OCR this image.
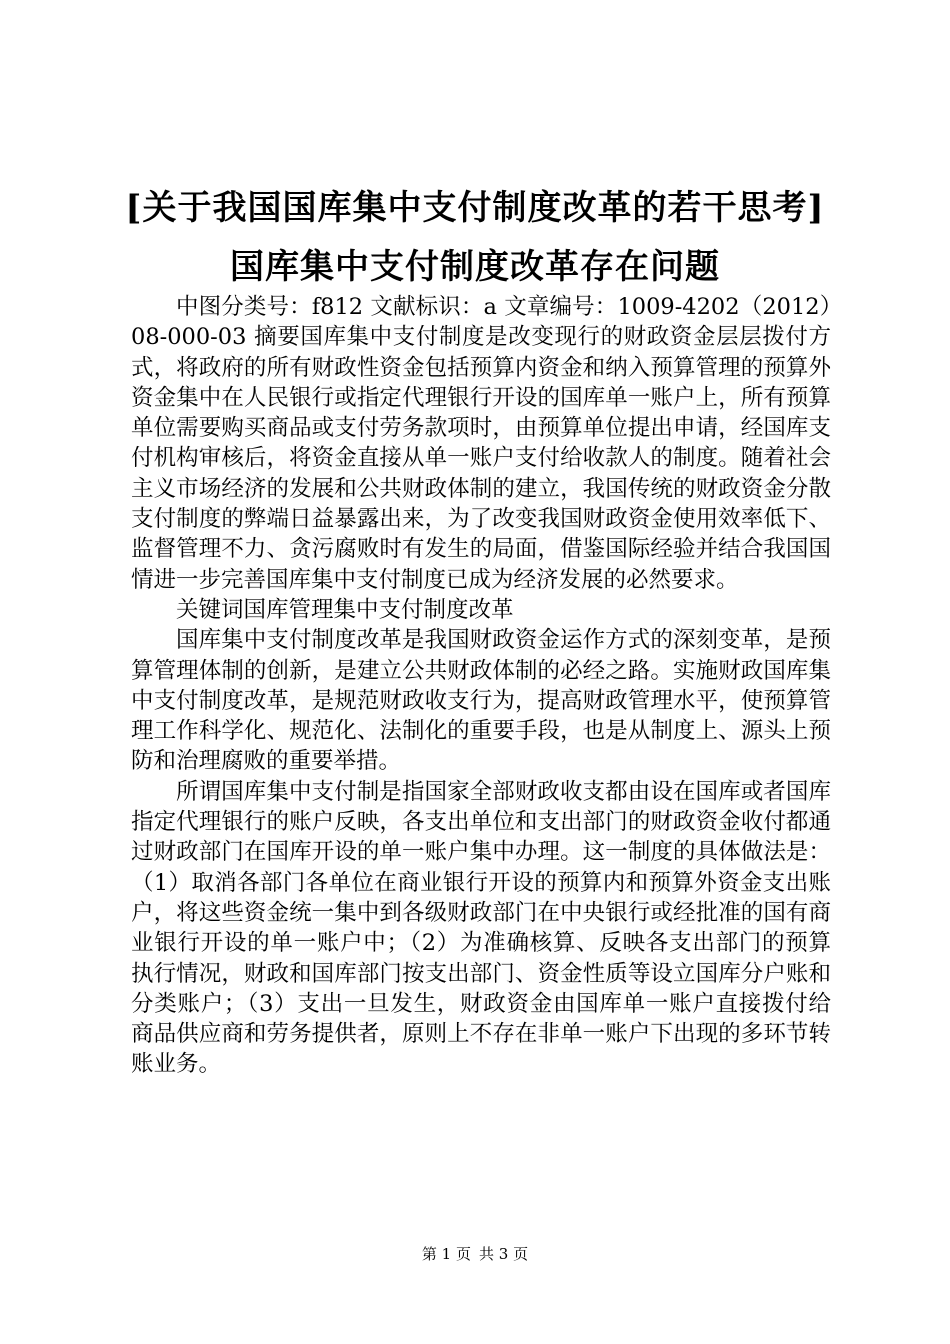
[关于我国国库集中支付制度改革的若干思考]
国库集中支付制度改革存在问题

中图分类号：f812 文献标识：a 文章编号：1009-4202（2012）08-000-03 摘要国库集中支付制度是改变现行的财政资金层层拨付方式，将政府的所有财政性资金包括预算内资金和纳入预算管理的预算外资金集中在人民银行或指定代理银行开设的国库单一账户上，所有预算单位需要购买商品或支付劳务款项时，由预算单位提出申请，经国库支付机构审核后，将资金直接从单一账户支付给收款人的制度。随着社会主义市场经济的发展和公共财政体制的建立，我国传统的财政资金分散支付制度的弊端日益暴露出来，为了改变我国财政资金使用效率低下、监督管理不力、贪污腐败时有发生的局面，借鉴国际经验并结合我国国情进一步完善国库集中支付制度已成为经济发展的必然要求。

关键词国库管理集中支付制度改革

国库集中支付制度改革是我国财政资金运作方式的深刻变革，是预算管理体制的创新，是建立公共财政体制的必经之路。实施财政国库集中支付制度改革，是规范财政收支行为，提高财政管理水平，使预算管理工作科学化、规范化、法制化的重要手段，也是从制度上、源头上预防和治理腐败的重要举措。

所谓国库集中支付制是指国家全部财政收支都由设在国库或者国库指定代理银行的账户反映，各支出单位和支出部门的财政资金收付都通过财政部门在国库开设的单一账户集中办理。这一制度的具体做法是：（1）取消各部门各单位在商业银行开设的预算内和预算外资金支出账户，将这些资金统一集中到各级财政部门在中央银行或经批准的国有商业银行开设的单一账户中；（2）为准确核算、反映各支出部门的预算执行情况，财政和国库部门按支出部门、资金性质等设立国库分户账和分类账户；（3）支出一旦发生，财政资金由国库单一账户直接拨付给商品供应商和劳务提供者，原则上不存在非单一账户下出现的多环节转账业务。

第 1 页 共 3 页
